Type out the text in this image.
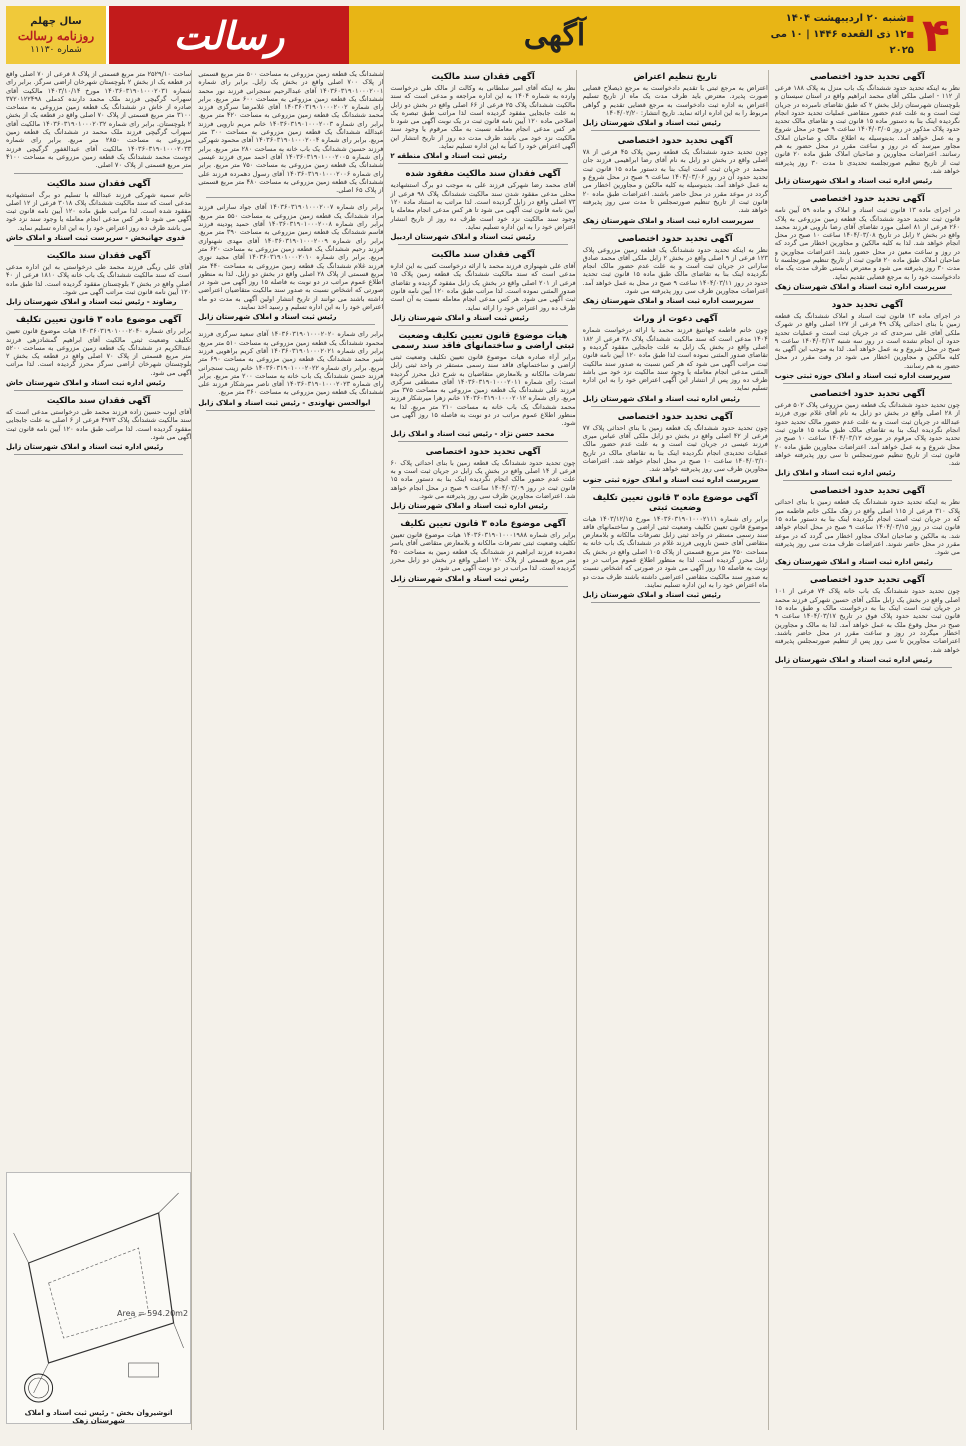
سال چهلم
روزنامه رسالت
شماره ۱۱۱۳۰ رسالت	آگهی	۴
■ شنبه ۲۰ اردیبهشت ۱۴۰۴
■ ۱۲ ذی القعده ۱۴۴۶ | ۱۰ می ۲۰۲۵
آگهی تحدید حدود اختصاصی

نظر به اینکه تحدید حدود ششدانگ یک باب منزل به پلاک ۱۸۸ فرعی از ۱۱۲ - اصلی ملکی آقای محمد ابراهیم واقع در استان سیستان و بلوچستان شهرستان زابل بخش ۲ که طبق تقاضای نامبرده در جریان ثبت است و به علت عدم حضور متقاضی عملیات تحدید حدود انجام نگردیده اینک بنا به دستور ماده ۱۵ قانون ثبت و تقاضای مالک تحدید حدود پلاک مذکور در روز ۱۴۰۴/۰۳/۰۵ ساعت ۹ صبح در محل شروع و به عمل خواهد آمد. بدینوسیله به اطلاع مالک و صاحبان املاک مجاور میرسد که در روز و ساعت مقرر در محل حضور به هم رسانند. اعتراضات مجاورین و صاحبان املاک طبق ماده ۲۰ قانون ثبت از تاریخ تنظیم صورتجلسه تحدیدی تا مدت ۳۰ روز پذیرفته خواهد شد.

رئیس اداره ثبت اسناد و املاک شهرستان زابل
آگهی تحدید حدود اختصاصی

در اجرای ماده ۱۳ قانون ثبت اسناد و املاک و ماده ۵۹ آیین نامه قانون ثبت تحدید حدود ششدانگ یک قطعه زمین مزروعی به پلاک ۲۶۰ فرعی از ۸۱ اصلی مورد تقاضای آقای رضا نارویی فرزند محمد واقع در بخش ۲ زابل در تاریخ ۱۴۰۴/۰۳/۰۸ ساعت ۱۰ صبح در محل انجام خواهد شد. لذا به کلیه مالکین و مجاورین اخطار می گردد که در روز و ساعت معین در محل حضور یابند. اعتراضات مجاورین و صاحبان املاک طبق ماده ۲۰ قانون ثبت از تاریخ تنظیم صورتجلسه تا مدت ۳۰ روز پذیرفته می شود و معترض بایستی ظرف مدت یک ماه دادخواست خود را به مرجع قضایی تقدیم نماید.

سرپرست اداره ثبت اسناد و املاک شهرستان زهک
آگهی تحدید حدود

در اجرای ماده ۱۳ قانون ثبت اسناد و املاک ششدانگ یک قطعه زمین با بنای احداثی پلاک ۴۹ فرعی از ۱۲۷ اصلی واقع در شهرک ملکی آقای علی سرحدی که در جریان ثبت است و عملیات تحدید حدود آن انجام نشده است در روز سه شنبه ۱۴۰۴/۰۳/۱۳ ساعت ۹ صبح در محل شروع و به عمل خواهد آمد. لذا به موجب این آگهی به کلیه مالکین و مجاورین اخطار می شود در وقت مقرر در محل حضور به هم رسانند.

سرپرست اداره ثبت اسناد و املاک حوزه ثبتی جنوب
آگهی تحدید حدود اختصاصی

چون تحدید حدود ششدانگ یک قطعه زمین مزروعی پلاک ۵۰۲ فرعی از ۲۸ اصلی واقع در بخش دو زابل به نام آقای غلام نوری فرزند عبدالله در جریان ثبت است و به علت عدم حضور مالک تحدید حدود انجام نگردیده اینک بنا به تقاضای مالک طبق ماده ۱۵ قانون ثبت تحدید حدود پلاک مرقوم در مورخه ۱۴۰۴/۰۳/۱۲ ساعت ۱۰ صبح در محل شروع و به عمل خواهد آمد. اعتراضات مجاورین طبق ماده ۲۰ قانون ثبت از تاریخ تنظیم صورتمجلس تا سی روز پذیرفته خواهد شد.

رئیس اداره ثبت اسناد و املاک زابل
آگهی تحدید حدود اختصاصی

نظر به اینکه تحدید حدود ششدانگ یک قطعه زمین با بنای احداثی پلاک ۳۱۰ فرعی از ۱۱۵ اصلی واقع در زهک ملکی خانم فاطمه میر که در جریان ثبت است انجام نگردیده اینک بنا به دستور ماده ۱۵ قانون ثبت در روز ۱۴۰۴/۰۳/۱۵ ساعت ۹ صبح در محل انجام خواهد شد. به مالکین و صاحبان املاک مجاور اخطار می گردد که در موعد مقرر در محل حاضر شوند. اعتراضات ظرف مدت سی روز پذیرفته می شود.

رئیس اداره ثبت اسناد و املاک شهرستان زهک
آگهی تحدید حدود اختصاصی

چون تحدید حدود ششدانگ یک باب خانه پلاک ۷۴ فرعی از ۱۰۱ اصلی واقع در بخش یک زابل ملکی آقای حسین شهرکی فرزند محمد در جریان ثبت است اینک بنا به درخواست مالک و طبق ماده ۱۵ قانون ثبت تحدید حدود پلاک فوق در تاریخ ۱۴۰۴/۰۳/۱۷ ساعت ۹ صبح در محل وقوع ملک به عمل خواهد آمد. لذا به مالک و مجاورین اخطار میگردد در روز و ساعت مقرر در محل حاضر باشند. اعتراضات مجاورین تا سی روز پس از تنظیم صورتمجلس پذیرفته خواهد شد.

رئیس اداره ثبت اسناد و املاک شهرستان زابل
تاریخ تنظیم اعتراض

اعتراض به مرجع ثبتی با تقدیم دادخواست به مرجع ذیصلاح قضایی صورت پذیرد. معترض باید ظرف مدت یک ماه از تاریخ تسلیم اعتراض به اداره ثبت دادخواست به مرجع قضایی تقدیم و گواهی مربوط را به این اداره ارائه نماید. تاریخ انتشار: ۱۴۰۴/۰۲/۲۰

رئیس ثبت اسناد و املاک شهرستان زابل
آگهی تحدید حدود اختصاصی

چون تحدید حدود ششدانگ یک قطعه زمین پلاک ۴۵ فرعی از ۷۸ اصلی واقع در بخش دو زابل به نام آقای رضا ابراهیمی فرزند جان محمد در جریان ثبت است اینک بنا به دستور ماده ۱۵ قانون ثبت تحدید حدود آن در روز ۱۴۰۴/۰۳/۰۶ ساعت ۹ صبح در محل شروع و به عمل خواهد آمد. بدینوسیله به کلیه مالکین و مجاورین اخطار می گردد در موعد مقرر در محل حاضر باشند. اعتراضات طبق ماده ۲۰ قانون ثبت از تاریخ تنظیم صورتمجلس تا مدت سی روز پذیرفته خواهد شد.

سرپرست اداره ثبت اسناد و املاک شهرستان زهک
آگهی تحدید حدود اختصاصی

نظر به اینکه تحدید حدود ششدانگ یک قطعه زمین مزروعی پلاک ۱۲۳ فرعی از ۹ اصلی واقع در بخش ۲ زابل ملکی آقای محمد صادق سارانی در جریان ثبت است و به علت عدم حضور مالک انجام نگردیده اینک بنا به تقاضای مالک طبق ماده ۱۵ قانون ثبت تحدید حدود در روز ۱۴۰۴/۰۳/۱۱ ساعت ۹ صبح در محل به عمل خواهد آمد. اعتراضات مجاورین ظرف سی روز پذیرفته می شود.

سرپرست اداره ثبت اسناد و املاک شهرستان زهک
آگهی دعوت از وراث

چون خانم فاطمه جهانتیغ فرزند محمد با ارائه درخواست شماره ۱۴۰۴ مدعی است که سند مالکیت ششدانگ پلاک ۳۸ فرعی از ۱۸۲ اصلی واقع در بخش یک زابل به علت جابجایی مفقود گردیده و تقاضای صدور المثنی نموده است لذا طبق ماده ۱۲۰ آیین نامه قانون ثبت مراتب آگهی می شود که هر کس نسبت به صدور سند مالکیت المثنی مدعی انجام معامله یا وجود سند مالکیت نزد خود می باشد ظرف ده روز پس از انتشار این آگهی اعتراض خود را به این اداره تسلیم نماید.

رئیس اداره ثبت اسناد و املاک شهرستان زابل
آگهی تحدید حدود اختصاصی

چون تحدید حدود ششدانگ یک قطعه زمین با بنای احداثی پلاک ۷۷ فرعی از ۴۲ اصلی واقع در بخش دو زابل ملکی آقای عباس میری فرزند عیسی در جریان ثبت است و به علت عدم حضور مالک عملیات تحدیدی انجام نگردیده اینک بنا به تقاضای مالک در تاریخ ۱۴۰۴/۰۳/۱۰ ساعت ۱۰ صبح در محل انجام خواهد شد. اعتراضات مجاورین ظرف سی روز پذیرفته خواهد شد.

سرپرست اداره ثبت اسناد و املاک حوزه ثبتی جنوب
آگهی موضوع ماده ۳ قانون تعیین تکلیف وضعیت ثبتی

برابر رای شماره ۱۴۰۳۶۰۳۱۹۰۱۰۰۰۲۱۱۱ مورخ ۱۴۰۳/۱۲/۱۵ هیات موضوع قانون تعیین تکلیف وضعیت ثبتی اراضی و ساختمانهای فاقد سند رسمی مستقر در واحد ثبتی زابل تصرفات مالکانه و بلامعارض متقاضی آقای حسن نارویی فرزند غلام در ششدانگ یک باب خانه به مساحت ۲۵۰ متر مربع قسمتی از پلاک ۱۰۵ اصلی واقع در بخش یک زابل محرز گردیده است. لذا به منظور اطلاع عموم مراتب در دو نوبت به فاصله ۱۵ روز آگهی می شود در صورتی که اشخاص نسبت به صدور سند مالکیت متقاضی اعتراضی داشته باشند ظرف مدت دو ماه اعتراض خود را به این اداره تسلیم نمایند.

رئیس ثبت اسناد و املاک شهرستان زابل
آگهی فقدان سند مالکیت

نظر به اینکه آقای امیر سلطانی به وکالت از مالک طی درخواست وارده به شماره ۱۴۰۴ به این اداره مراجعه و مدعی است که سند مالکیت ششدانگ پلاک ۲۵ فرعی از ۶۶ اصلی واقع در بخش دو زابل به علت جابجایی مفقود گردیده است لذا مراتب طبق تبصره یک اصلاحی ماده ۱۲۰ آیین نامه قانون ثبت در یک نوبت آگهی می شود تا هر کس مدعی انجام معامله نسبت به ملک مرقوم یا وجود سند مالکیت نزد خود می باشد ظرف مدت ده روز از تاریخ انتشار این آگهی اعتراض خود را کتباً به این اداره تسلیم نماید.

رئیس ثبت اسناد و املاک منطقه ۲
آگهی فقدان سند مالکیت مفقود شده

آقای محمد رضا شهرکی فرزند علی به موجب دو برگ استشهادیه محلی مدعی مفقود شدن سند مالکیت ششدانگ پلاک ۹۸ فرعی از ۷۳ اصلی واقع در زابل گردیده است. لذا مراتب به استناد ماده ۱۲۰ آیین نامه قانون ثبت آگهی می شود تا هر کس مدعی انجام معامله یا وجود سند مالکیت نزد خود است ظرف ده روز از تاریخ انتشار اعتراض خود را به این اداره تسلیم نماید.

رئیس ثبت اسناد و املاک شهرستان اردبیل
آگهی فقدان سند مالکیت

آقای علی شهنوازی فرزند محمد با ارائه درخواست کتبی به این اداره مدعی است که سند مالکیت ششدانگ یک قطعه زمین پلاک ۱۵ فرعی از ۲۰۱ اصلی واقع در بخش یک زابل مفقود گردیده و تقاضای صدور المثنی نموده است. لذا مراتب طبق ماده ۱۲۰ آیین نامه قانون ثبت آگهی می شود. هر کس مدعی انجام معامله نسبت به آن است ظرف ده روز اعتراض خود را ارائه نماید.

رئیس ثبت اسناد و املاک شهرستان زابل
هیات موضوع قانون تعیین تکلیف وضعیت ثبتی اراضی و ساختمانهای فاقد سند رسمی

برابر آراء صادره هیات موضوع قانون تعیین تکلیف وضعیت ثبتی اراضی و ساختمانهای فاقد سند رسمی مستقر در واحد ثبتی زابل تصرفات مالکانه و بلامعارض متقاضیان به شرح ذیل محرز گردیده است: رای شماره ۱۴۰۳۶۰۳۱۹۰۱۰۰۰۲۰۱۱ آقای مصطفی سرگزی فرزند علی ششدانگ یک قطعه زمین مزروعی به مساحت ۳۷۵ متر مربع. رای شماره ۱۴۰۳۶۰۳۱۹۰۱۰۰۰۲۰۱۲ خانم زهرا میرشکار فرزند محمد ششدانگ یک باب خانه به مساحت ۲۱۰ متر مربع. لذا به منظور اطلاع عموم مراتب در دو نوبت به فاصله ۱۵ روز آگهی می شود.

محمد حسن نژاد - رئیس ثبت اسناد و املاک زابل
آگهی تحدید حدود اختصاصی

چون تحدید حدود ششدانگ یک قطعه زمین با بنای احداثی پلاک ۶۰ فرعی از ۱۴ اصلی واقع در بخش یک زابل در جریان ثبت است و به علت عدم حضور مالک انجام نگردیده اینک بنا به دستور ماده ۱۵ قانون ثبت در روز ۱۴۰۴/۰۳/۰۹ ساعت ۹ صبح در محل انجام خواهد شد. اعتراضات مجاورین ظرف سی روز پذیرفته می شود.

رئیس اداره ثبت اسناد و املاک شهرستان زابل
آگهی موضوع ماده ۳ قانون تعیین تکلیف

برابر رای شماره ۱۴۰۳۶۰۳۱۹۰۱۰۰۰۱۹۸۸ هیات موضوع قانون تعیین تکلیف وضعیت ثبتی تصرفات مالکانه و بلامعارض متقاضی آقای یاسر دهمرده فرزند ابراهیم در ششدانگ یک قطعه زمین به مساحت ۴۵۰ متر مربع قسمتی از پلاک ۱۲۰ اصلی واقع در بخش دو زابل محرز گردیده است. لذا مراتب در دو نوبت آگهی می شود.

رئیس ثبت اسناد و املاک شهرستان زابل

ششدانگ یک قطعه زمین مزروعی به مساحت ۵۰۰ متر مربع قسمتی از پلاک ۷۰۰ اصلی واقع در بخش یک زابل. برابر رای شماره ۱۴۰۳۶۰۳۱۹۰۱۰۰۰۲۰۰۱ آقای عبدالرحیم سنجرانی فرزند نور محمد ششدانگ یک قطعه زمین مزروعی به مساحت ۶۰۰ متر مربع. برابر رای شماره ۱۴۰۳۶۰۳۱۹۰۱۰۰۰۲۰۰۲ آقای غلامرضا سرگزی فرزند محمد ششدانگ یک قطعه زمین مزروعی به مساحت ۴۲۰ متر مربع. برابر رای شماره ۱۴۰۳۶۰۳۱۹۰۱۰۰۰۲۰۰۳ خانم مریم نارویی فرزند عبدالله ششدانگ یک قطعه زمین مزروعی به مساحت ۳۰۰ متر مربع. برابر رای شماره ۱۴۰۳۶۰۳۱۹۰۱۰۰۰۲۰۰۴ آقای محمود شهرکی فرزند حسین ششدانگ یک باب خانه به مساحت ۲۸۰ متر مربع. برابر رای شماره ۱۴۰۳۶۰۳۱۹۰۱۰۰۰۲۰۰۵ آقای احمد میری فرزند عیسی ششدانگ یک قطعه زمین مزروعی به مساحت ۷۵۰ متر مربع. برابر رای شماره ۱۴۰۳۶۰۳۱۹۰۱۰۰۰۲۰۰۶ آقای رسول دهمرده فرزند علی ششدانگ یک قطعه زمین مزروعی به مساحت ۴۸۰ متر مربع قسمتی از پلاک ۶۵ اصلی.

برابر رای شماره ۱۴۰۳۶۰۳۱۹۰۱۰۰۰۲۰۰۷ آقای جواد سارانی فرزند مراد ششدانگ یک قطعه زمین مزروعی به مساحت ۵۵۰ متر مربع. برابر رای شماره ۱۴۰۳۶۰۳۱۹۰۱۰۰۰۲۰۰۸ آقای حمید پودینه فرزند قاسم ششدانگ یک قطعه زمین مزروعی به مساحت ۳۹۰ متر مربع. برابر رای شماره ۱۴۰۳۶۰۳۱۹۰۱۰۰۰۲۰۰۹ آقای مهدی شهنوازی فرزند رحیم ششدانگ یک قطعه زمین مزروعی به مساحت ۶۲۰ متر مربع. برابر رای شماره ۱۴۰۳۶۰۳۱۹۰۱۰۰۰۲۰۱۰ آقای مجید نوری فرزند غلام ششدانگ یک قطعه زمین مزروعی به مساحت ۴۴۰ متر مربع قسمتی از پلاک ۲۸ اصلی واقع در بخش دو زابل. لذا به منظور اطلاع عموم مراتب در دو نوبت به فاصله ۱۵ روز آگهی می شود در صورتی که اشخاص نسبت به صدور سند مالکیت متقاضیان اعتراضی داشته باشند می توانند از تاریخ انتشار اولین آگهی به مدت دو ماه اعتراض خود را به این اداره تسلیم و رسید اخذ نمایند.

رئیس ثبت اسناد و املاک شهرستان زابل

برابر رای شماره ۱۴۰۳۶۰۳۱۹۰۱۰۰۰۲۰۲۰ آقای سعید سرگزی فرزند محمود ششدانگ یک قطعه زمین مزروعی به مساحت ۵۱۰ متر مربع. برابر رای شماره ۱۴۰۳۶۰۳۱۹۰۱۰۰۰۲۰۲۱ آقای کریم براهویی فرزند شیر محمد ششدانگ یک قطعه زمین مزروعی به مساحت ۶۹۰ متر مربع. برابر رای شماره ۱۴۰۳۶۰۳۱۹۰۱۰۰۰۲۰۲۲ خانم زینب سنجرانی فرزند حسن ششدانگ یک باب خانه به مساحت ۲۰۰ متر مربع. برابر رای شماره ۱۴۰۳۶۰۳۱۹۰۱۰۰۰۲۰۲۳ آقای ناصر میرشکار فرزند علی ششدانگ یک قطعه زمین مزروعی به مساحت ۳۶۰ متر مربع.

ابوالحسن نهاوندی - رئیس ثبت اسناد و املاک زابل

ساحت ۲۵۲۹/۱۰ متر مربع قسمتی از پلاک ۸ فرعی از ۷۰ اصلی واقع در قطعه یک از بخش ۲ بلوچستان شهرخان اراضی سرگز. برابر رای شماره ۱۴۰۳۶۰۳۱۹۰۱۰۰۰۲۰۳۱ مورخ ۱۴۰۳/۱۰/۱۴ مالکیت آقای سهراب گرگیچی فرزند ملک محمد دارنده کدملی ۳۷۲۰۱۲۲۴۹۸ صادره از خاش در ششدانگ یک قطعه زمین مزروعی به مساحت ۳۱۰۰ متر مربع قسمتی از پلاک ۷۰ اصلی واقع در قطعه یک از بخش ۲ بلوچستان. برابر رای شماره ۱۴۰۳۶۰۳۱۹۰۱۰۰۰۲۰۳۲ مالکیت آقای سهراب گرگیچی فرزند ملک محمد در ششدانگ یک قطعه زمین مزروعی به مساحت ۲۸۵۰ متر مربع. برابر رای شماره ۱۴۰۳۶۰۳۱۹۰۱۰۰۰۲۰۳۳ مالکیت آقای عبدالغفور گرگیچی فرزند دوست محمد ششدانگ یک قطعه زمین مزروعی به مساحت ۴۱۰۰ متر مربع قسمتی از پلاک ۷۰ اصلی.

آگهی فقدان سند مالکیت

خانم سمیه شهرکی فرزند عبدالله با تسلیم دو برگ استشهادیه مدعی است که سند مالکیت ششدانگ پلاک ۳۰۱۸ فرعی از ۱۲ اصلی مفقود شده است. لذا مراتب طبق ماده ۱۲۰ آیین نامه قانون ثبت آگهی می شود تا هر کس مدعی انجام معامله یا وجود سند نزد خود می باشد ظرف ده روز اعتراض خود را به این اداره تسلیم نماید.

فدوی جهانبخش - سرپرست ثبت اسناد و املاک خاش
آگهی فقدان سند مالکیت

آقای علی ریگی فرزند محمد طی درخواستی به این اداره مدعی است که سند مالکیت ششدانگ یک باب خانه پلاک ۱۸۱۰ فرعی از ۴۰ اصلی واقع در بخش ۲ بلوچستان مفقود گردیده است. لذا طبق ماده ۱۲۰ آیین نامه قانون ثبت مراتب آگهی می شود.

رضاوند - رئیس ثبت اسناد و املاک شهرستان زابل
آگهی موضوع ماده ۳ قانون تعیین تکلیف

برابر رای شماره ۱۴۰۳۶۰۳۱۹۰۱۰۰۰۲۰۴۰ هیات موضوع قانون تعیین تکلیف وضعیت ثبتی مالکیت آقای ابراهیم گمشادزهی فرزند عبدالکریم در ششدانگ یک قطعه زمین مزروعی به مساحت ۵۲۰۰ متر مربع قسمتی از پلاک ۷۰ اصلی واقع در قطعه یک بخش ۲ بلوچستان شهرخان اراضی سرگز محرز گردیده است. لذا مراتب آگهی می شود.

رئیس اداره ثبت اسناد و املاک شهرستان خاش
آگهی فقدان سند مالکیت

آقای ایوب حسین زاده فرزند محمد طی درخواستی مدعی است که سند مالکیت ششدانگ پلاک ۴۹۷۳ فرعی از ۶ اصلی به علت جابجایی مفقود گردیده است. لذا مراتب طبق ماده ۱۲۰ آیین نامه قانون ثبت آگهی می شود.

رئیس اداره ثبت اسناد و املاک شهرستان زابل
Area = 594.20m2
انوشیروان بخش - رئیس ثبت اسناد و املاک شهرستان زهک
